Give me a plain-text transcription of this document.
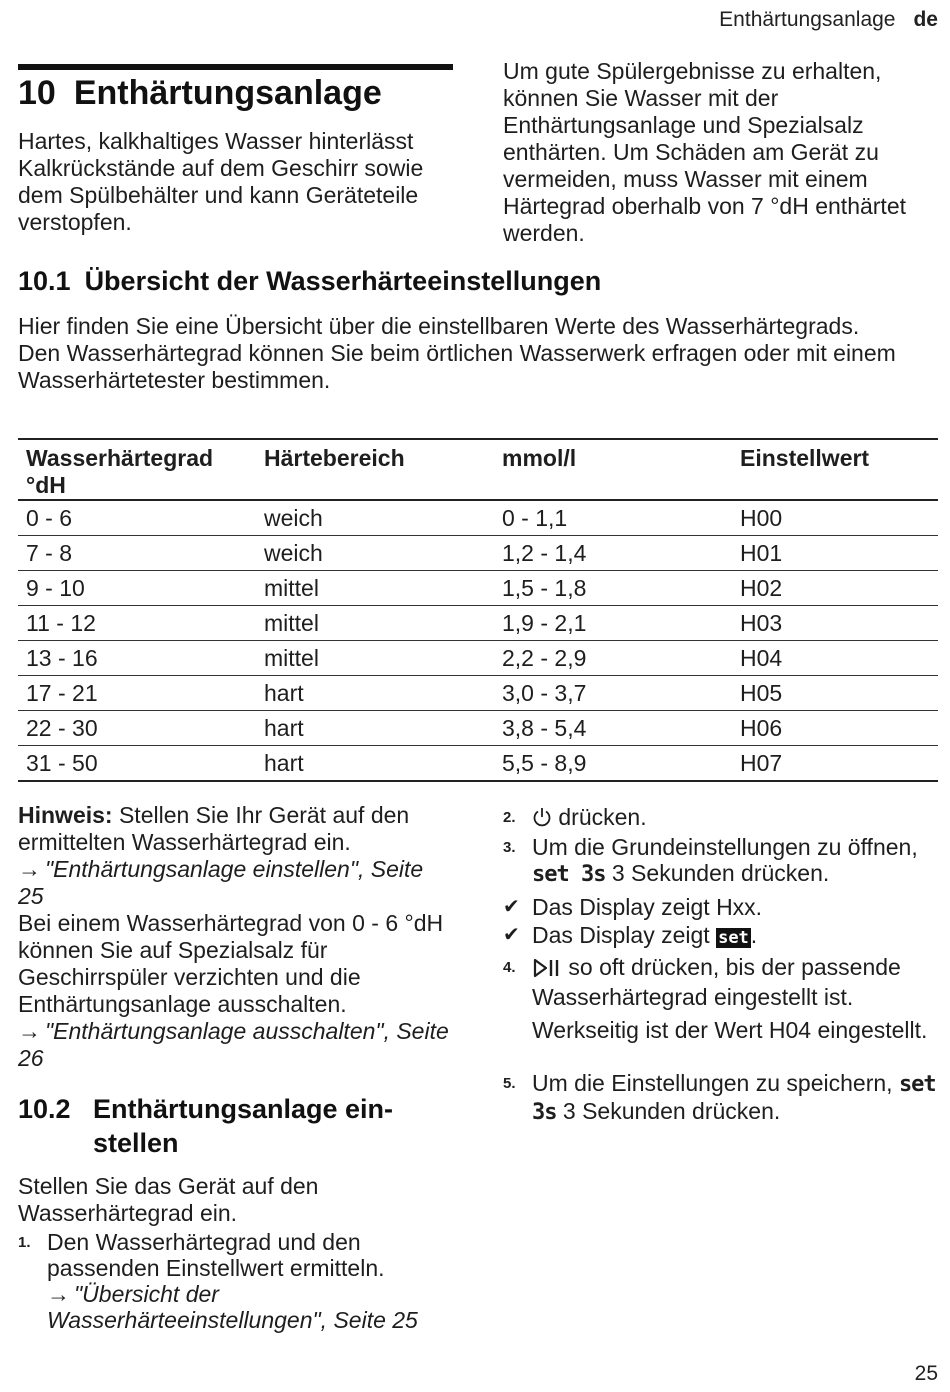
Enthärtungsanlage de
10 Enthärtungsanlage

Hartes, kalkhaltiges Wasser hinterlässt Kalkrückstände auf dem Geschirr sowie dem Spülbehälter und kann Geräteteile verstopfen.

Um gute Spülergebnisse zu erhalten, können Sie Wasser mit der Enthärtungsanlage und Spezialsalz enthärten. Um Schäden am Gerät zu vermeiden, muss Wasser mit einem Härtegrad oberhalb von 7 °dH enthärtet werden.

10.1 Übersicht der Wasserhärteeinstellungen

Hier finden Sie eine Übersicht über die einstellbaren Werte des Wasserhärtegrads.

Den Wasserhärtegrad können Sie beim örtlichen Wasserwerk erfragen oder mit einem Wasserhärtetester bestimmen.

Wasserhärtegrad °dH	Härtebereich	mmol/l	Einstellwert
0 - 6	weich	0 - 1,1	H00
7 - 8	weich	1,2 - 1,4	H01
9 - 10	mittel	1,5 - 1,8	H02
11 - 12	mittel	1,9 - 2,1	H03
13 - 16	mittel	2,2 - 2,9	H04
17 - 21	hart	3,0 - 3,7	H05
22 - 30	hart	3,8 - 5,4	H06
31 - 50	hart	5,5 - 8,9	H07

Hinweis: Stellen Sie Ihr Gerät auf den ermittelten Wasserhärtegrad ein.

→ "Enthärtungsanlage einstellen", Seite 25

Bei einem Wasserhärtegrad von 0 - 6 °dH können Sie auf Spezialsalz für Geschirrspüler verzichten und die Enthärtungsanlage ausschalten.

→ "Enthärtungsanlage ausschalten", Seite 26

10.2 Enthärtungsanlage ein-
stellen

Stellen Sie das Gerät auf den Wasserhärtegrad ein.

1. Den Wasserhärtegrad und den passenden Einstellwert ermitteln.
→ "Übersicht der Wasserhärteeinstellungen", Seite 25
2.	drücken.
3. Um die Grundeinstellungen zu öffnen, set 3s 3 Sekunden drücken.
✔ Das Display zeigt Hxx.
✔ Das Display zeigt set.
4.	so oft drücken, bis der passende Wasserhärtegrad eingestellt ist.
Werkseitig ist der Wert H04 eingestellt.
5. Um die Einstellungen zu speichern, set 3s 3 Sekunden drücken.
25
